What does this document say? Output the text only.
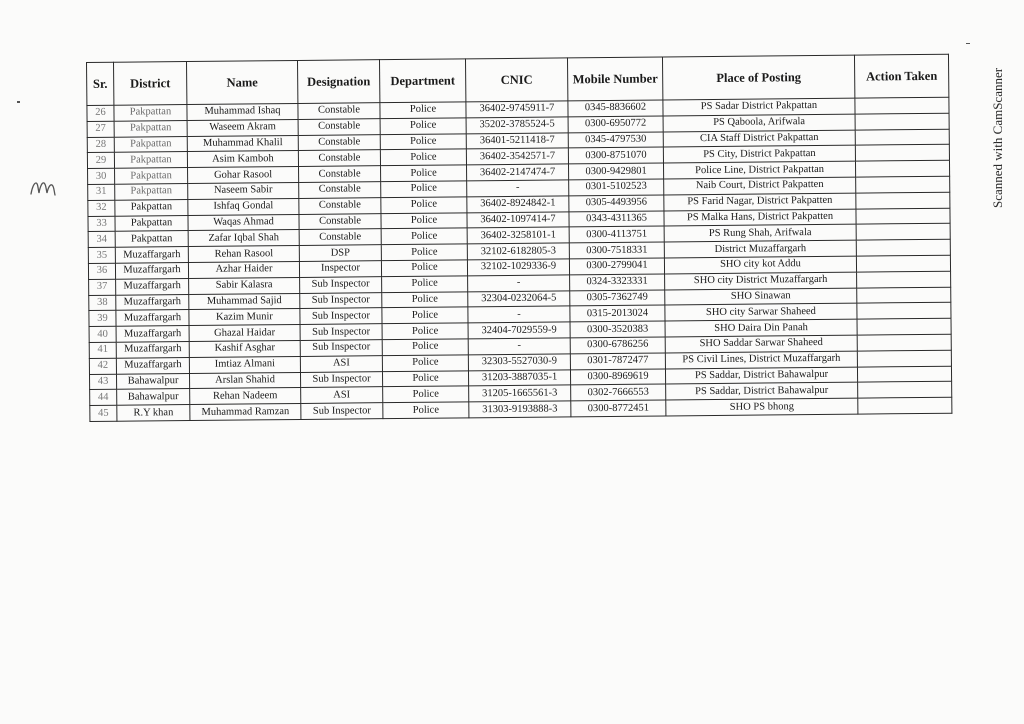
Sr.	District	Name	Designation	Department	CNIC	Mobile Number	Place of Posting	Action Taken
26	Pakpattan	Muhammad Ishaq	Constable	Police	36402-9745911-7	0345-8836602	PS Sadar District Pakpattan	
27	Pakpattan	Waseem Akram	Constable	Police	35202-3785524-5	0300-6950772	PS Qaboola, Arifwala	
28	Pakpattan	Muhammad Khalil	Constable	Police	36401-5211418-7	0345-4797530	CIA Staff District Pakpattan	
29	Pakpattan	Asim Kamboh	Constable	Police	36402-3542571-7	0300-8751070	PS City, District Pakpattan	
30	Pakpattan	Gohar Rasool	Constable	Police	36402-2147474-7	0300-9429801	Police Line, District Pakpattan	
31	Pakpattan	Naseem Sabir	Constable	Police	-	0301-5102523	Naib Court, District Pakpatten	
32	Pakpattan	Ishfaq Gondal	Constable	Police	36402-8924842-1	0305-4493956	PS Farid Nagar, District Pakpatten	
33	Pakpattan	Waqas Ahmad	Constable	Police	36402-1097414-7	0343-4311365	PS Malka Hans, District Pakpatten	
34	Pakpattan	Zafar Iqbal Shah	Constable	Police	36402-3258101-1	0300-4113751	PS Rung Shah, Arifwala	
35	Muzaffargarh	Rehan Rasool	DSP	Police	32102-6182805-3	0300-7518331	District Muzaffargarh	
36	Muzaffargarh	Azhar Haider	Inspector	Police	32102-1029336-9	0300-2799041	SHO city kot Addu	
37	Muzaffargarh	Sabir Kalasra	Sub Inspector	Police	-	0324-3323331	SHO city District Muzaffargarh	
38	Muzaffargarh	Muhammad Sajid	Sub Inspector	Police	32304-0232064-5	0305-7362749	SHO Sinawan	
39	Muzaffargarh	Kazim Munir	Sub Inspector	Police	-	0315-2013024	SHO city Sarwar Shaheed	
40	Muzaffargarh	Ghazal Haidar	Sub Inspector	Police	32404-7029559-9	0300-3520383	SHO Daira Din Panah	
41	Muzaffargarh	Kashif Asghar	Sub Inspector	Police	-	0300-6786256	SHO Saddar Sarwar Shaheed	
42	Muzaffargarh	Imtiaz Almani	ASI	Police	32303-5527030-9	0301-7872477	PS Civil Lines, District Muzaffargarh	
43	Bahawalpur	Arslan Shahid	Sub Inspector	Police	31203-3887035-1	0300-8969619	PS Saddar, District Bahawalpur	
44	Bahawalpur	Rehan Nadeem	ASI	Police	31205-1665561-3	0302-7666553	PS Saddar, District Bahawalpur	
45	R.Y khan	Muhammad Ramzan	Sub Inspector	Police	31303-9193888-3	0300-8772451	SHO PS bhong	
Scanned with CamScanner
